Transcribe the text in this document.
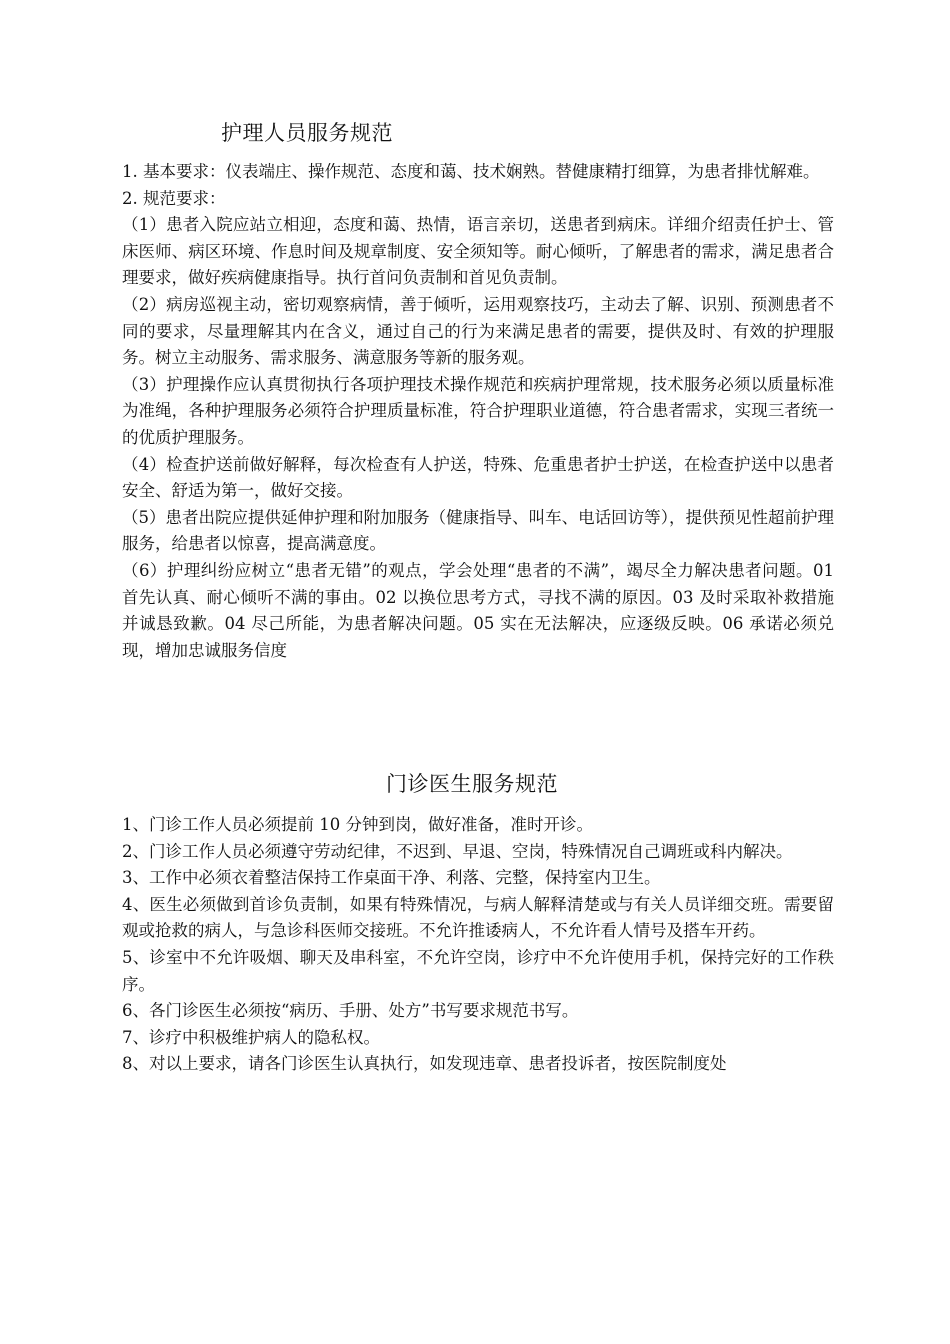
护理人员服务规范

1. 基本要求：仪表端庄、操作规范、态度和蔼、技术娴熟。替健康精打细算，为患者排忧解难。

2. 规范要求：

（1）患者入院应站立相迎，态度和蔼、热情，语言亲切，送患者到病床。详细介绍责任护士、管床医师、病区环境、作息时间及规章制度、安全须知等。耐心倾听，了解患者的需求，满足患者合理要求，做好疾病健康指导。执行首问负责制和首见负责制。

（2）病房巡视主动，密切观察病情，善于倾听，运用观察技巧，主动去了解、识别、预测患者不同的要求，尽量理解其内在含义，通过自己的行为来满足患者的需要，提供及时、有效的护理服务。树立主动服务、需求服务、满意服务等新的服务观。

（3）护理操作应认真贯彻执行各项护理技术操作规范和疾病护理常规，技术服务必须以质量标准为准绳，各种护理服务必须符合护理质量标准，符合护理职业道德，符合患者需求，实现三者统一的优质护理服务。

（4）检查护送前做好解释，每次检查有人护送，特殊、危重患者护士护送，在检查护送中以患者安全、舒适为第一，做好交接。

（5）患者出院应提供延伸护理和附加服务（健康指导、叫车、电话回访等），提供预见性超前护理服务，给患者以惊喜，提高满意度。

（6）护理纠纷应树立“患者无错”的观点，学会处理“患者的不满”，竭尽全力解决患者问题。01 首先认真、耐心倾听不满的事由。02 以换位思考方式，寻找不满的原因。03 及时采取补救措施并诚恳致歉。04 尽己所能，为患者解决问题。05 实在无法解决，应逐级反映。06 承诺必须兑现，增加忠诚服务信度

门诊医生服务规范

1、门诊工作人员必须提前 10 分钟到岗，做好准备，准时开诊。

2、门诊工作人员必须遵守劳动纪律，不迟到、早退、空岗，特殊情况自己调班或科内解决。

3、工作中必须衣着整洁保持工作桌面干净、利落、完整，保持室内卫生。

4、医生必须做到首诊负责制，如果有特殊情况，与病人解释清楚或与有关人员详细交班。需要留观或抢救的病人，与急诊科医师交接班。不允许推诿病人，不允许看人情号及搭车开药。

5、诊室中不允许吸烟、聊天及串科室，不允许空岗，诊疗中不允许使用手机，保持完好的工作秩序。

6、各门诊医生必须按“病历、手册、处方”书写要求规范书写。

7、诊疗中积极维护病人的隐私权。

8、对以上要求，请各门诊医生认真执行，如发现违章、患者投诉者，按医院制度处
